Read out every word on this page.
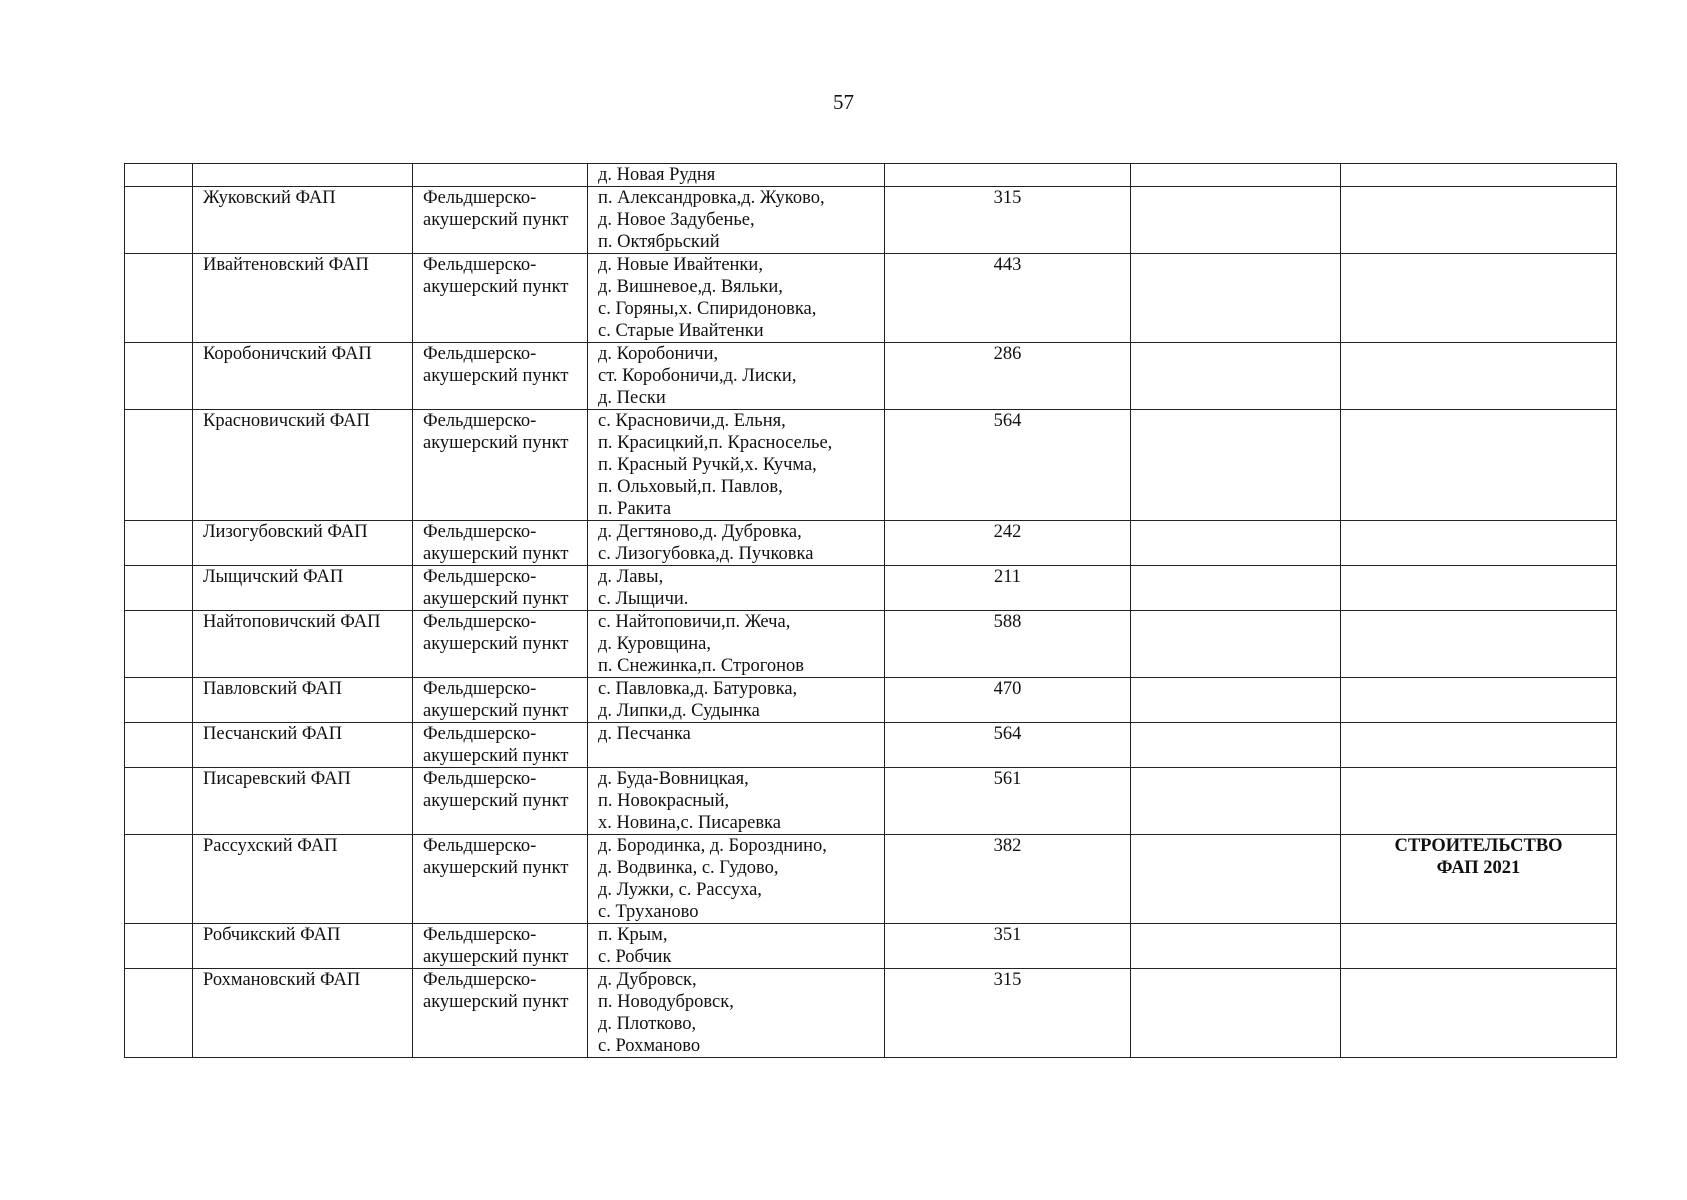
57

			д. Новая Рудня			

	Жуковский ФАП	Фельдшерско-
акушерский пункт	п. Александровка,д. Жуково,
д. Новое Задубенье,
п. Октябрьский	315		
	Ивайтеновский ФАП	Фельдшерско-
акушерский пункт	д. Новые Ивайтенки,
д. Вишневое,д. Вяльки,
с. Горяны,х. Спиридоновка,
с. Старые Ивайтенки	443		
	Коробоничский ФАП	Фельдшерско-
акушерский пункт	д. Коробоничи,
ст. Коробоничи,д. Лиски,
д. Пески	286		
	Красновичский ФАП	Фельдшерско-
акушерский пункт	с. Красновичи,д. Ельня,
п. Красицкий,п. Красноселье,
п. Красный Ручкй,х. Кучма,
п. Ольховый,п. Павлов,
п. Ракита	564		
	Лизогубовский ФАП	Фельдшерско-
акушерский пункт	д. Дегтяново,д. Дубровка,
с. Лизогубовка,д. Пучковка	242		
	Лыщичский ФАП	Фельдшерско-
акушерский пункт	д. Лавы,
с. Лыщичи.	211		
	Найтоповичский ФАП	Фельдшерско-
акушерский пункт	с. Найтоповичи,п. Жеча,
д. Куровщина,
п. Снежинка,п. Строгонов	588		
	Павловский ФАП	Фельдшерско-
акушерский пункт	с. Павловка,д. Батуровка,
д. Липки,д. Судынка	470		
	Песчанский ФАП	Фельдшерско-
акушерский пункт	д. Песчанка	564		
	Писаревский ФАП	Фельдшерско-
акушерский пункт	д. Буда-Вовницкая,
п. Новокрасный,
х. Новина,с. Писаревка	561		
	Рассухский ФАП	Фельдшерско-
акушерский пункт	д. Бородинка, д. Борозднино,
д. Водвинка, с. Гудово,
д. Лужки, с. Рассуха,
с. Труханово	382		СТРОИТЕЛЬСТВО
ФАП 2021

	Робчикский ФАП	Фельдшерско-
акушерский пункт	п. Крым,
с. Робчик	351		
	Рохмановский ФАП	Фельдшерско-
акушерский пункт	д. Дубровск,
п. Новодубровск,
д. Плотково,
с. Рохманово	315		
